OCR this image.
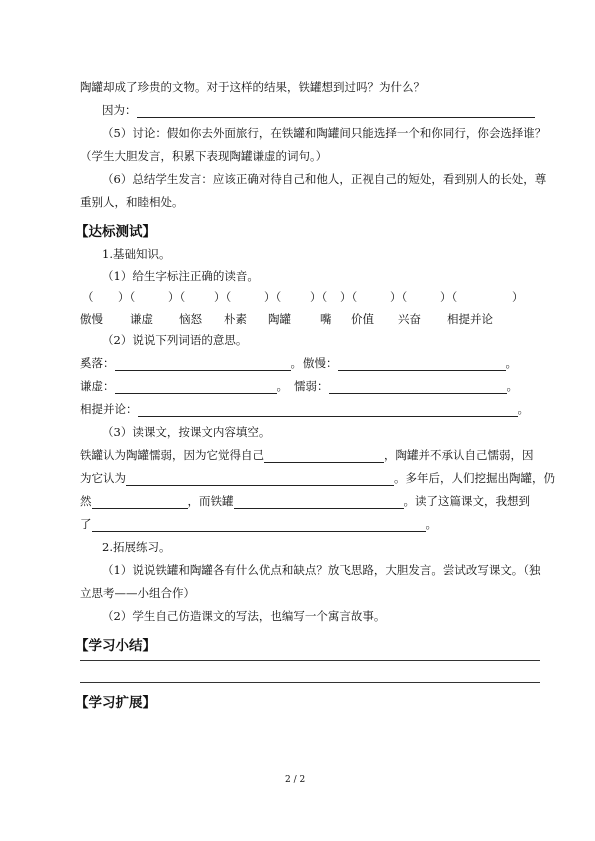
陶罐却成了珍贵的文物。对于这样的结果，铁罐想到过吗？为什么？
因为：
（5）讨论：假如你去外面旅行，在铁罐和陶罐间只能选择一个和你同行，你会选择谁？
（学生大胆发言，积累下表现陶罐谦虚的词句。）
（6）总结学生发言：应该正确对待自己和他人，正视自己的短处，看到别人的长处，尊
重别人，和睦相处。
【达标测试】
1.基础知识。
（1）给生字标注正确的读音。
（ ）（	）（	）（	）（	）（ ）（	）（	）（	）
傲慢 谦虚 恼怒 朴素 陶罐	嘴 价值 兴奋 相提并论
（2）说说下列词语的意思。
奚落：	。 傲慢：	。
谦虚：	。 懦弱：	。
相提并论：	。
（3）读课文，按课文内容填空。
铁罐认为陶罐懦弱，因为它觉得自己	，陶罐并不承认自己懦弱，因
为它认为	。多年后，人们挖掘出陶罐，仍
然	，而铁罐	。读了这篇课文，我想到
了	。
2.拓展练习。
（1）说说铁罐和陶罐各有什么优点和缺点？放飞思路，大胆发言。尝试改写课文。（独
立思考——小组合作）
（2）学生自己仿造课文的写法，也编写一个寓言故事。
【学习小结】
【学习扩展】
2 / 2
